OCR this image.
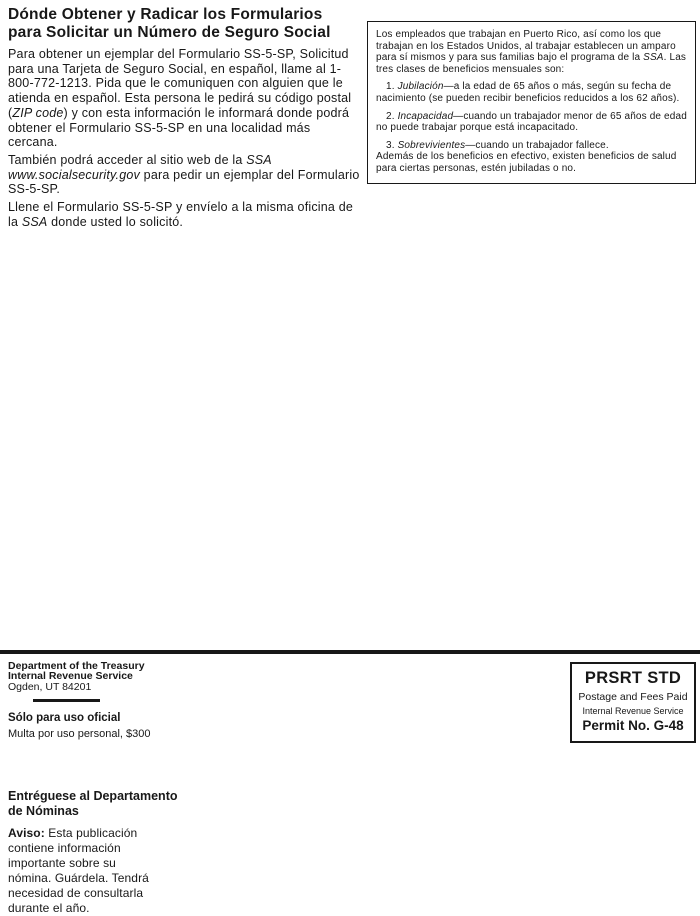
Dónde Obtener y Radicar los Formularios para Solicitar un Número de Seguro Social

Para obtener un ejemplar del Formulario SS-5-SP, Solicitud para una Tarjeta de Seguro Social, en español, llame al 1-800-772-1213. Pida que le comuniquen con alguien que le atienda en español. Esta persona le pedirá su código postal (ZIP code) y con esta información le informará donde podrá obtener el Formulario SS-5-SP en una localidad más cercana.

También podrá acceder al sitio web de la SSA www.socialsecurity.gov para pedir un ejemplar del Formulario SS-5-SP.

Llene el Formulario SS-5-SP y envíelo a la misma oficina de la SSA donde usted lo solicitó.

Los empleados que trabajan en Puerto Rico, así como los que trabajan en los Estados Unidos, al trabajar establecen un amparo para sí mismos y para sus familias bajo el programa de la SSA. Las tres clases de beneficios mensuales son:

1. Jubilación—a la edad de 65 años o más, según su fecha de nacimiento (se pueden recibir beneficios reducidos a los 62 años).

2. Incapacidad—cuando un trabajador menor de 65 años de edad no puede trabajar porque está incapacitado.

3. Sobrevivientes—cuando un trabajador fallece.

Además de los beneficios en efectivo, existen beneficios de salud para ciertas personas, estén jubiladas o no.

Department of the Treasury
Internal Revenue Service
Ogden, UT 84201
Sólo para uso oficial
Multa por uso personal, $300
PRSRT STD
Postage and Fees Paid
Internal Revenue Service
Permit No. G-48
Entréguese al Departamento de Nóminas

Aviso: Esta publicación contiene información importante sobre su nómina. Guárdela. Tendrá necesidad de consultarla durante el año.
